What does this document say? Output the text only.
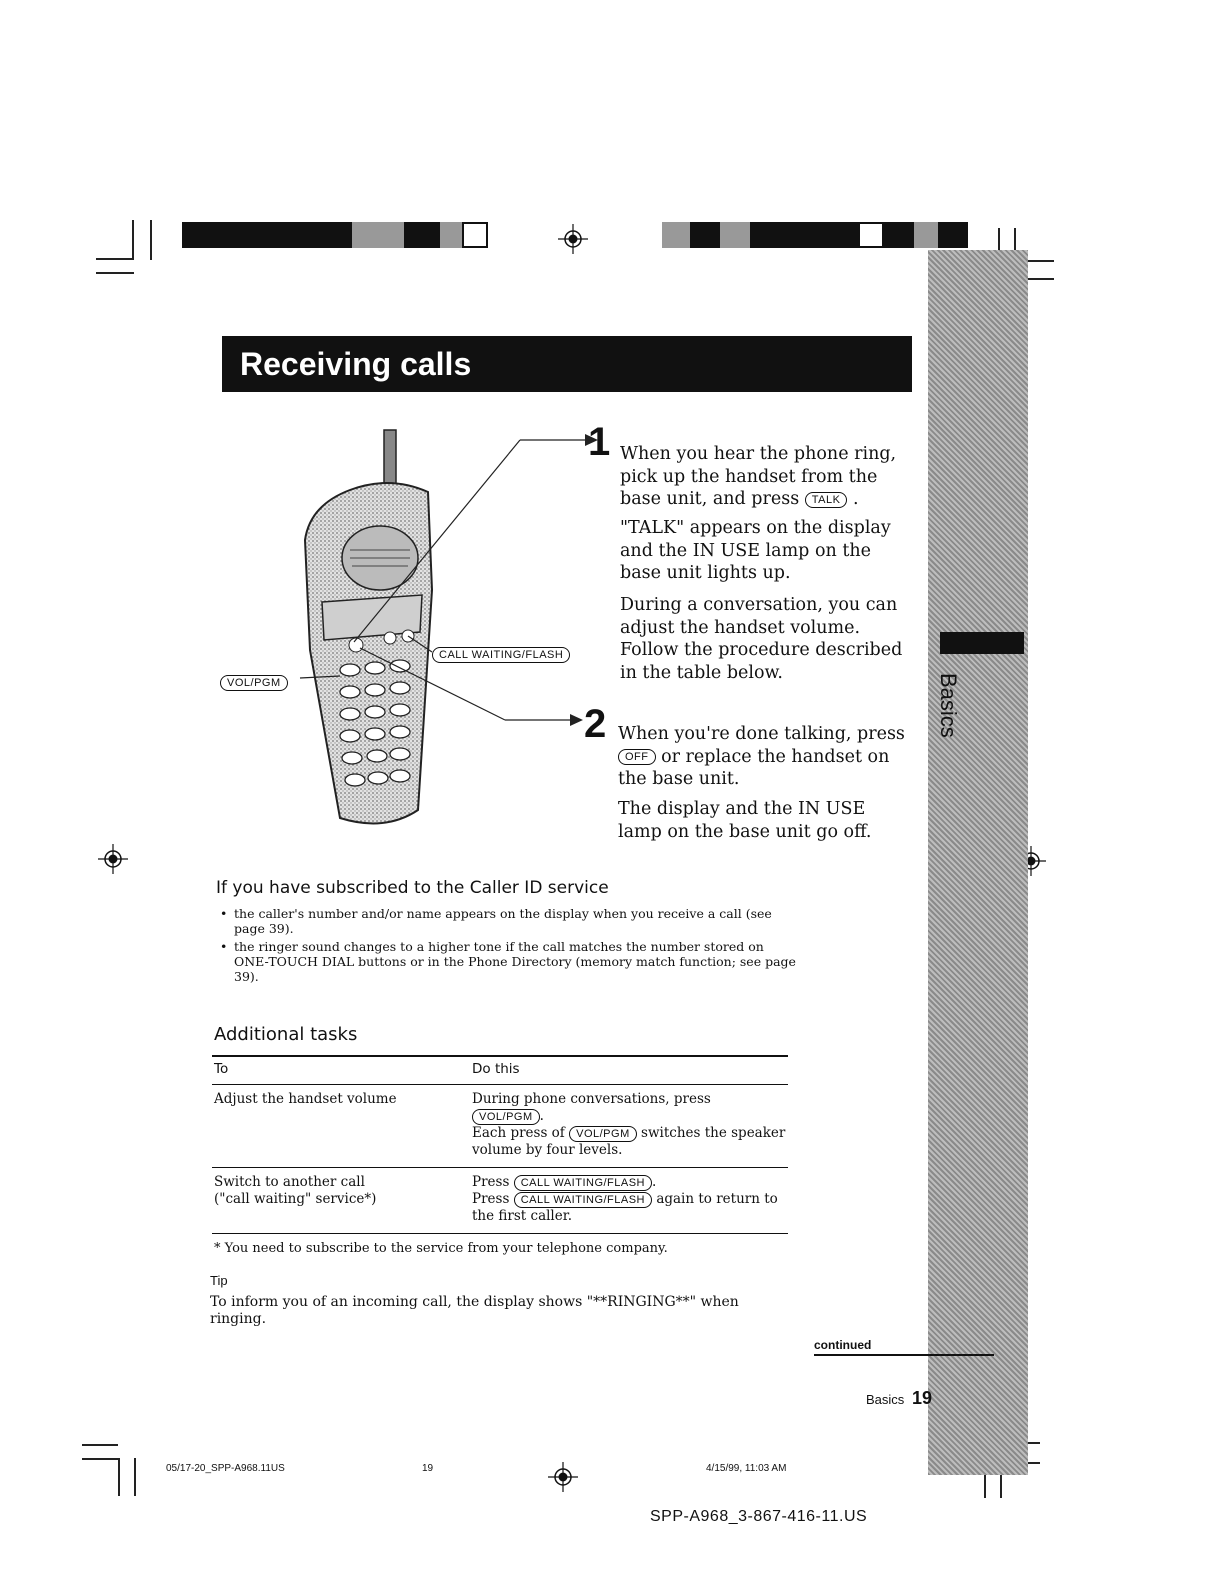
Basics
Receiving calls
CALL WAITING/FLASH
VOL/PGM
1 When you hear the phone ring, pick up the handset from the base unit, and press TALK .
"TALK" appears on the display and the IN USE lamp on the base unit lights up.
During a conversation, you can adjust the handset volume. Follow the procedure described in the table below.
2 When you're done talking, press OFF or replace the handset on the base unit.
The display and the IN USE lamp on the base unit go off.
If you have subscribed to the Caller ID service
• the caller's number and/or name appears on the display when you receive a call (see page 39).
• the ringer sound changes to a higher tone if the call matches the number stored on ONE-TOUCH DIAL buttons or in the Phone Directory (memory match function; see page 39).
Additional tasks
To	Do this
Adjust the handset volume	During phone conversations, press
VOL/PGM .
Each press of VOL/PGM switches the speaker volume by four levels.
Switch to another call
("call waiting" service*)	Press CALL WAITING/FLASH .
Press CALL WAITING/FLASH again to return to the first caller.
* You need to subscribe to the service from your telephone company.
Tip
To inform you of an incoming call, the display shows "**RINGING**" when ringing.
continued
Basics 19
05/17-20_SPP-A968.11US	19	4/15/99, 11:03 AM
SPP-A968_3-867-416-11.US
